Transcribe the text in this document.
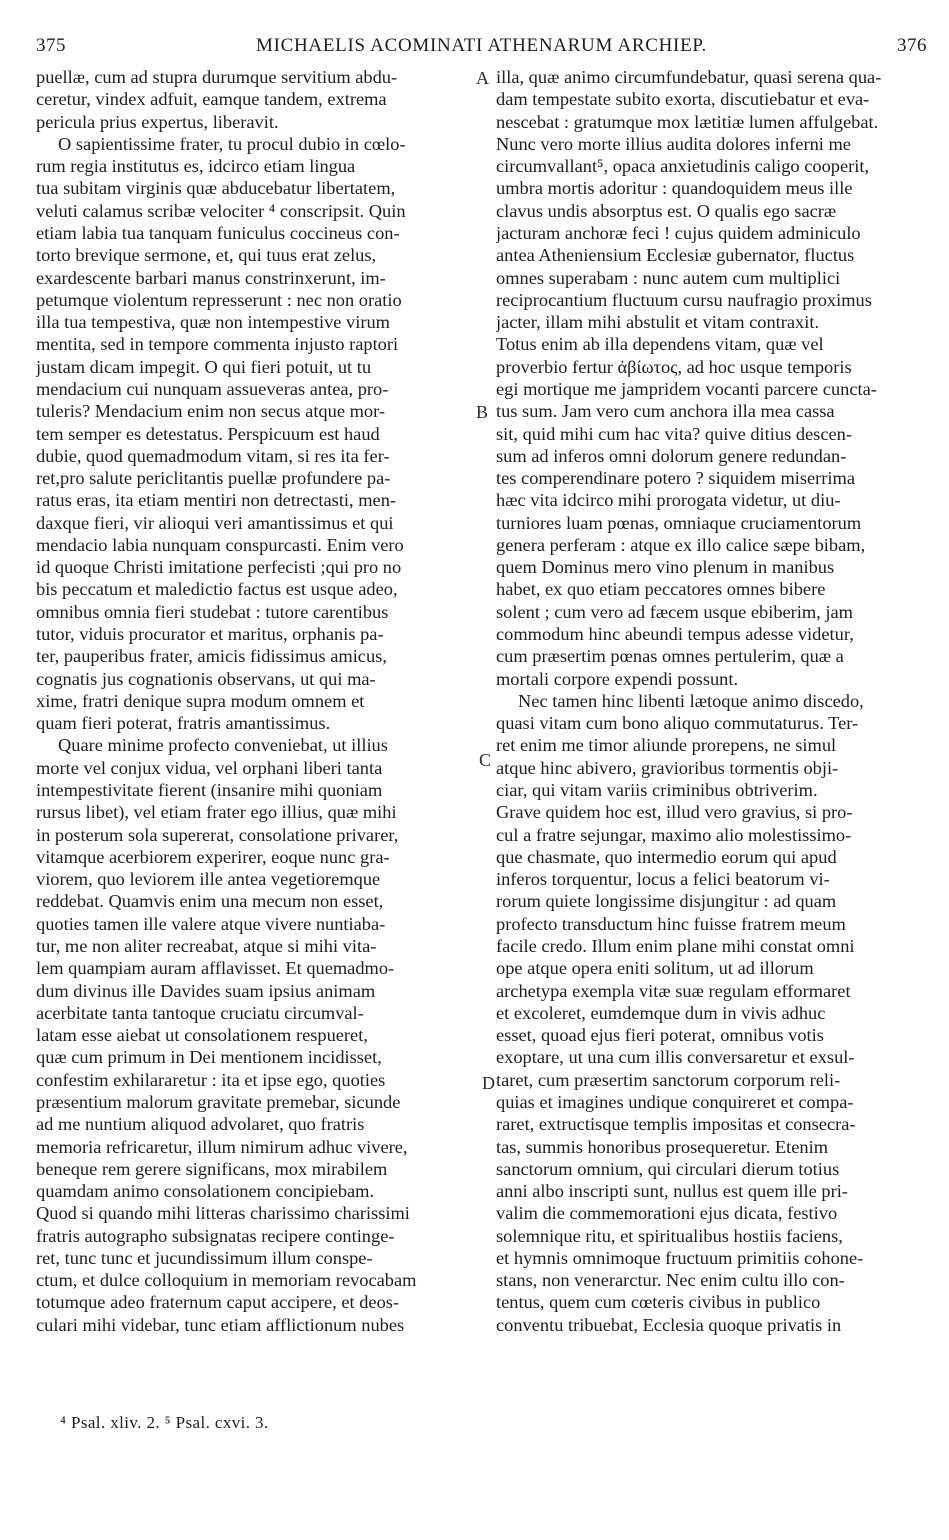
375	MICHAELIS ACOMINATI ATHENARUM ARCHIEP.	376
puellæ, cum ad stupra durumque servitium abdu-
ceretur, vindex adfuit, eamque tandem, extrema
pericula prius expertus, liberavit.
O sapientissime frater, tu procul dubio in cœlo-
rum regia institutus es, idcirco etiam lingua
tua subitam virginis quæ abducebatur libertatem,
veluti calamus scribæ velociter ⁴ conscripsit. Quin
etiam labia tua tanquam funiculus coccineus con-
torto brevique sermone, et, qui tuus erat zelus,
exardescente barbari manus constrinxerunt, im-
petumque violentum represserunt : nec non oratio
illa tua tempestiva, quæ non intempestive virum
mentita, sed in tempore commenta injusto raptori
justam dicam impegit. O qui fieri potuit, ut tu
mendacium cui nunquam assueveras antea, pro-
tuleris? Mendacium enim non secus atque mor-
tem semper es detestatus. Perspicuum est haud
dubie, quod quemadmodum vitam, si res ita fer-
ret,pro salute periclitantis puellæ profundere pa-
ratus eras, ita etiam mentiri non detrectasti, men-
daxque fieri, vir alioqui veri amantissimus et qui
mendacio labia nunquam conspurcasti. Enim vero
id quoque Christi imitatione perfecisti ;qui pro no
bis peccatum et maledictio factus est usque adeo,
omnibus omnia fieri studebat : tutore carentibus
tutor, viduis procurator et maritus, orphanis pa-
ter, pauperibus frater, amicis fidissimus amicus,
cognatis jus cognationis observans, ut qui ma-
xime, fratri denique supra modum omnem et
quam fieri poterat, fratris amantissimus.
Quare minime profecto conveniebat, ut illius
morte vel conjux vidua, vel orphani liberi tanta
intempestivitate fierent (insanire mihi quoniam
rursus libet), vel etiam frater ego illius, quæ mihi
in posterum sola supererat, consolatione privarer,
vitamque acerbiorem experirer, eoque nunc gra-
viorem, quo leviorem ille antea vegetioremque
reddebat. Quamvis enim una mecum non esset,
quoties tamen ille valere atque vivere nuntiaba-
tur, me non aliter recreabat, atque si mihi vita-
lem quampiam auram afflavisset. Et quemadmo-
dum divinus ille Davides suam ipsius animam
acerbitate tanta tantoque cruciatu circumval-
latam esse aiebat ut consolationem respueret,
quæ cum primum in Dei mentionem incidisset,
confestim exhilararetur : ita et ipse ego, quoties
præsentium malorum gravitate premebar, sicunde
ad me nuntium aliquod advolaret, quo fratris
memoria refricaretur, illum nimirum adhuc vivere,
beneque rem gerere significans, mox mirabilem
quamdam animo consolationem concipiebam.
Quod si quando mihi litteras charissimo charissimi
fratris autographo subsignatas recipere continge-
ret, tunc tunc et jucundissimum illum conspe-
ctum, et dulce colloquium in memoriam revocabam
totumque adeo fraternum caput accipere, et deos-
culari mihi videbar, tunc etiam afflictionum nubes
illa, quæ animo circumfundebatur, quasi serena qua-
dam tempestate subito exorta, discutiebatur et eva-
nescebat : gratumque mox lætitiæ lumen affulgebat.
Nunc vero morte illius audita dolores inferni me
circumvallant⁵, opaca anxietudinis caligo cooperit,
umbra mortis adoritur : quandoquidem meus ille
clavus undis absorptus est. O qualis ego sacræ
jacturam anchoræ feci ! cujus quidem adminiculo
antea Atheniensium Ecclesiæ gubernator, fluctus
omnes superabam : nunc autem cum multiplici
reciprocantium fluctuum cursu naufragio proximus
jacter, illam mihi abstulit et vitam contraxit.
Totus enim ab illa dependens vitam, quæ vel
proverbio fertur ἀβίωτος, ad hoc usque temporis
egi mortique me jampridem vocanti parcere cuncta-
tus sum. Jam vero cum anchora illa mea cassa
sit, quid mihi cum hac vita? quive ditius descen-
sum ad inferos omni dolorum genere redundan-
tes comperendinare potero ? siquidem miserrima
hæc vita idcirco mihi prorogata videtur, ut diu-
turniores luam pœnas, omniaque cruciamentorum
genera perferam : atque ex illo calice sæpe bibam,
quem Dominus mero vino plenum in manibus
habet, ex quo etiam peccatores omnes bibere
solent ; cum vero ad fæcem usque ebiberim, jam
commodum hinc abeundi tempus adesse videtur,
cum præsertim pœnas omnes pertulerim, quæ a
mortali corpore expendi possunt.
Nec tamen hinc libenti lætoque animo discedo,
quasi vitam cum bono aliquo commutaturus. Ter-
ret enim me timor aliunde prorepens, ne simul
atque hinc abivero, gravioribus tormentis obji-
ciar, qui vitam variis criminibus obtriverim.
Grave quidem hoc est, illud vero gravius, si pro-
cul a fratre sejungar, maximo alio molestissimo-
que chasmate, quo intermedio eorum qui apud
inferos torquentur, locus a felici beatorum vi-
rorum quiete longissime disjungitur : ad quam
profecto transductum hinc fuisse fratrem meum
facile credo. Illum enim plane mihi constat omni
ope atque opera eniti solitum, ut ad illorum
archetypa exempla vitæ suæ regulam efformaret
et excoleret, eumdemque dum in vivis adhuc
esset, quoad ejus fieri poterat, omnibus votis
exoptare, ut una cum illis conversaretur et exsul-
taret, cum præsertim sanctorum corporum reli-
quias et imagines undique conquireret et compa-
raret, extructisque templis impositas et consecra-
tas, summis honoribus prosequeretur. Etenim
sanctorum omnium, qui circulari dierum totius
anni albo inscripti sunt, nullus est quem ille pri-
valim die commemorationi ejus dicata, festivo
solemnique ritu, et spiritualibus hostiis faciens,
et hymnis omnimoque fructuum primitiis cohone-
stans, non venerarctur. Nec enim cultu illo con-
tentus, quem cum cœteris civibus in publico
conventu tribuebat, Ecclesia quoque privatis in
A
B
C
D
⁴ Psal. xliv. 2. ⁵ Psal. cxvi. 3.
